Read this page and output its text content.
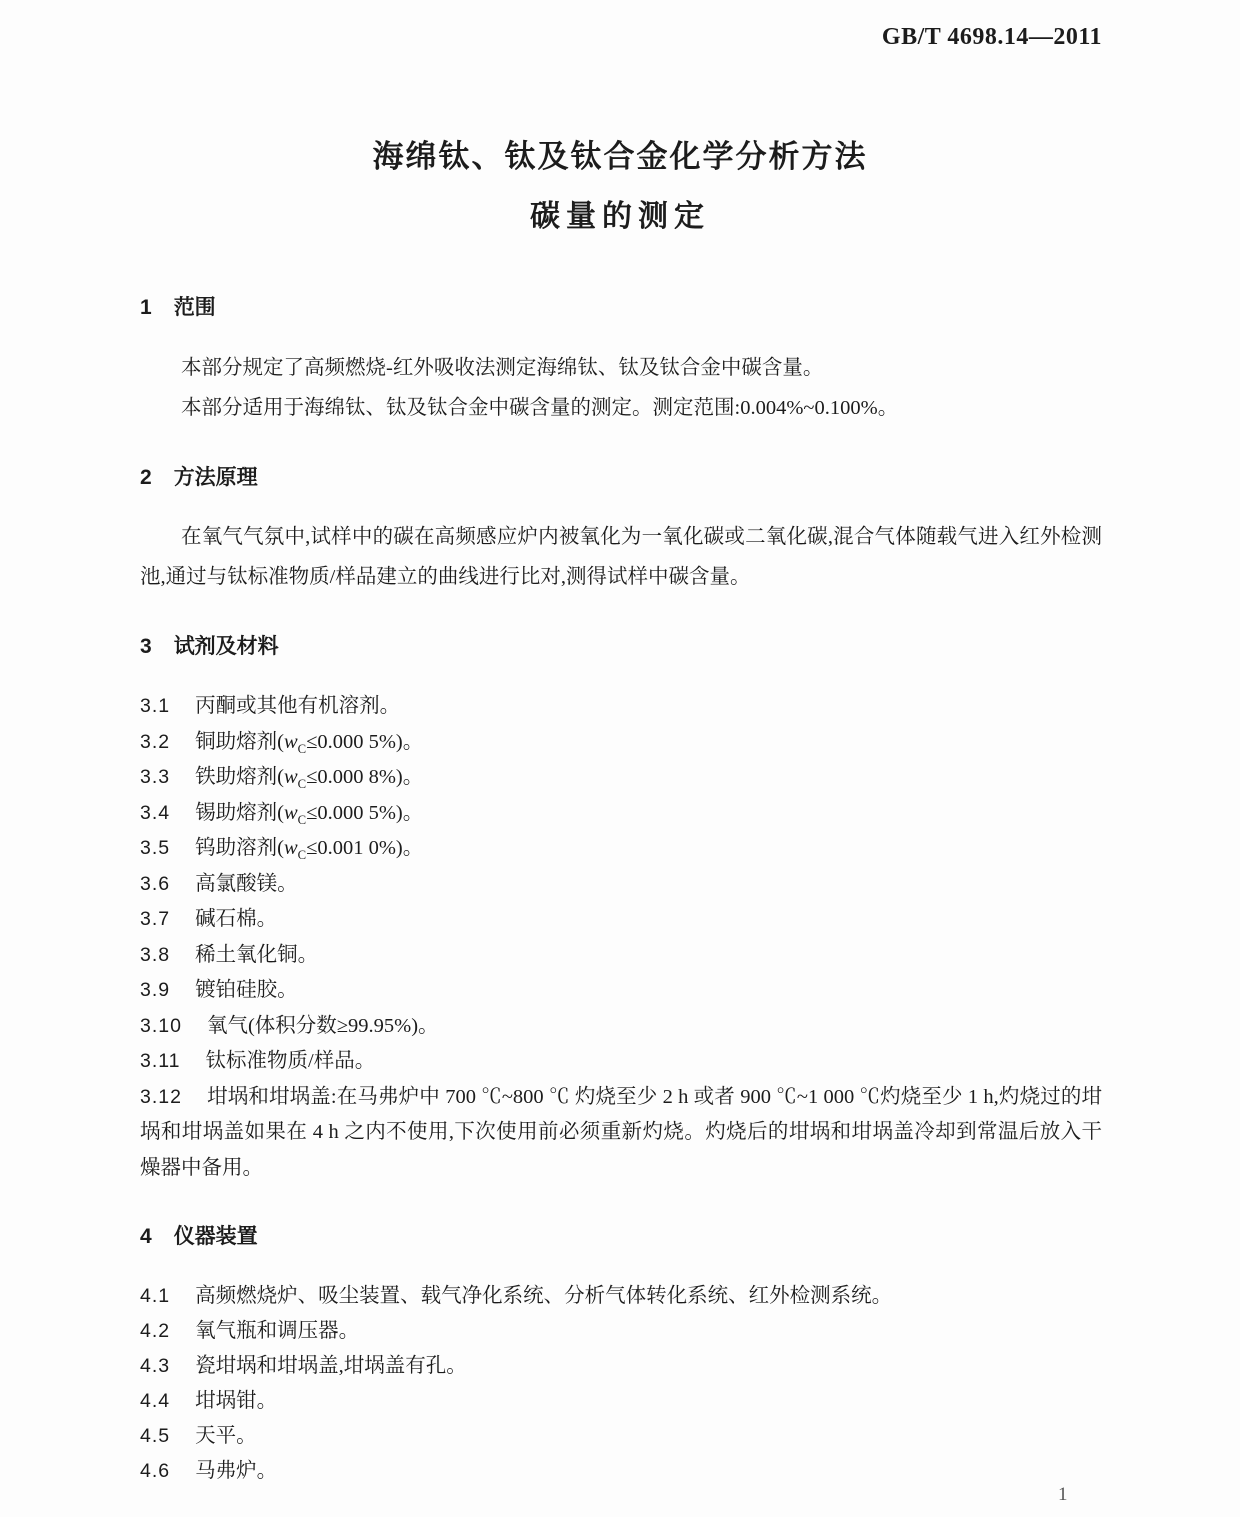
GB/T 4698.14—2011
海绵钛、钛及钛合金化学分析方法
碳量的测定
1 范围

本部分规定了高频燃烧-红外吸收法测定海绵钛、钛及钛合金中碳含量。

本部分适用于海绵钛、钛及钛合金中碳含量的测定。测定范围:0.004%~0.100%。

2 方法原理

在氧气气氛中,试样中的碳在高频感应炉内被氧化为一氧化碳或二氧化碳,混合气体随载气进入红外检测池,通过与钛标准物质/样品建立的曲线进行比对,测得试样中碳含量。

3 试剂及材料

3.1 丙酮或其他有机溶剂。

3.2 铜助熔剂($w_C\le 0.000$ 5%)。

3.3 铁助熔剂($w_C\le 0.000$ 8%)。

3.4 锡助熔剂($w_C\le 0.000$ 5%)。

3.5 钨助溶剂($w_C\le 0.001$ 0%)。

3.6 高氯酸镁。

3.7 碱石棉。

3.8 稀土氧化铜。

3.9 镀铂硅胶。

3.10 氧气(体积分数≥99.95%)。

3.11 钛标准物质/样品。

3.12 坩埚和坩埚盖:在马弗炉中 700 ℃~800 ℃ 灼烧至少 2 h 或者 900 ℃~1 000 ℃灼烧至少 1 h,灼烧过的坩埚和坩埚盖如果在 4 h 之内不使用,下次使用前必须重新灼烧。灼烧后的坩埚和坩埚盖冷却到常温后放入干燥器中备用。

4 仪器装置

4.1 高频燃烧炉、吸尘装置、载气净化系统、分析气体转化系统、红外检测系统。

4.2 氧气瓶和调压器。

4.3 瓷坩埚和坩埚盖,坩埚盖有孔。

4.4 坩埚钳。

4.5 天平。

4.6 马弗炉。

1
